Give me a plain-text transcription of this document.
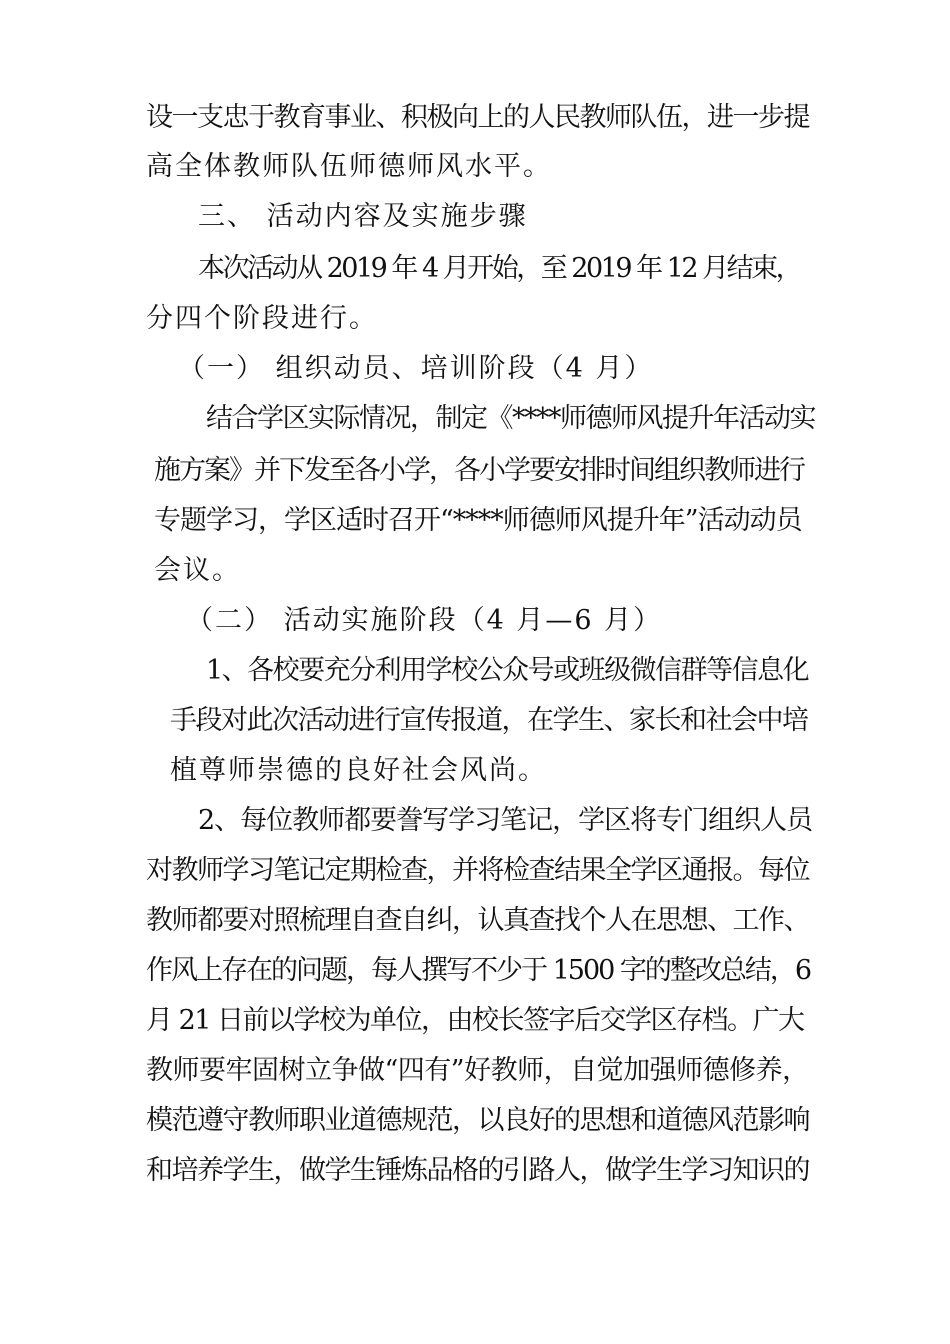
设一支忠于教育事业、积极向上的人民教师队伍，进一步提
高全体教师队伍师德师风水平。
三、 活动内容及实施步骤
本次活动从 2019 年 4 月开始，至 2019 年 12 月结束，
分四个阶段进行。
（一） 组织动员、培训阶段（4 月）
结合学区实际情况，制定《****师德师风提升年活动实
施方案》并下发至各小学，各小学要安排时间组织教师进行
专题学习，学区适时召开“****师德师风提升年”活动动员
会议。
（二） 活动实施阶段（4 月—6 月）
1、各校要充分利用学校公众号或班级微信群等信息化
手段对此次活动进行宣传报道，在学生、家长和社会中培
植尊师崇德的良好社会风尚。
2、每位教师都要誊写学习笔记，学区将专门组织人员
对教师学习笔记定期检查，并将检查结果全学区通报。每位
教师都要对照梳理自查自纠，认真查找个人在思想、工作、
作风上存在的问题，每人撰写不少于 1500 字的整改总结，6
月 21 日前以学校为单位，由校长签字后交学区存档。广大
教师要牢固树立争做“四有”好教师，自觉加强师德修养，
模范遵守教师职业道德规范，以良好的思想和道德风范影响
和培养学生，做学生锤炼品格的引路人，做学生学习知识的
